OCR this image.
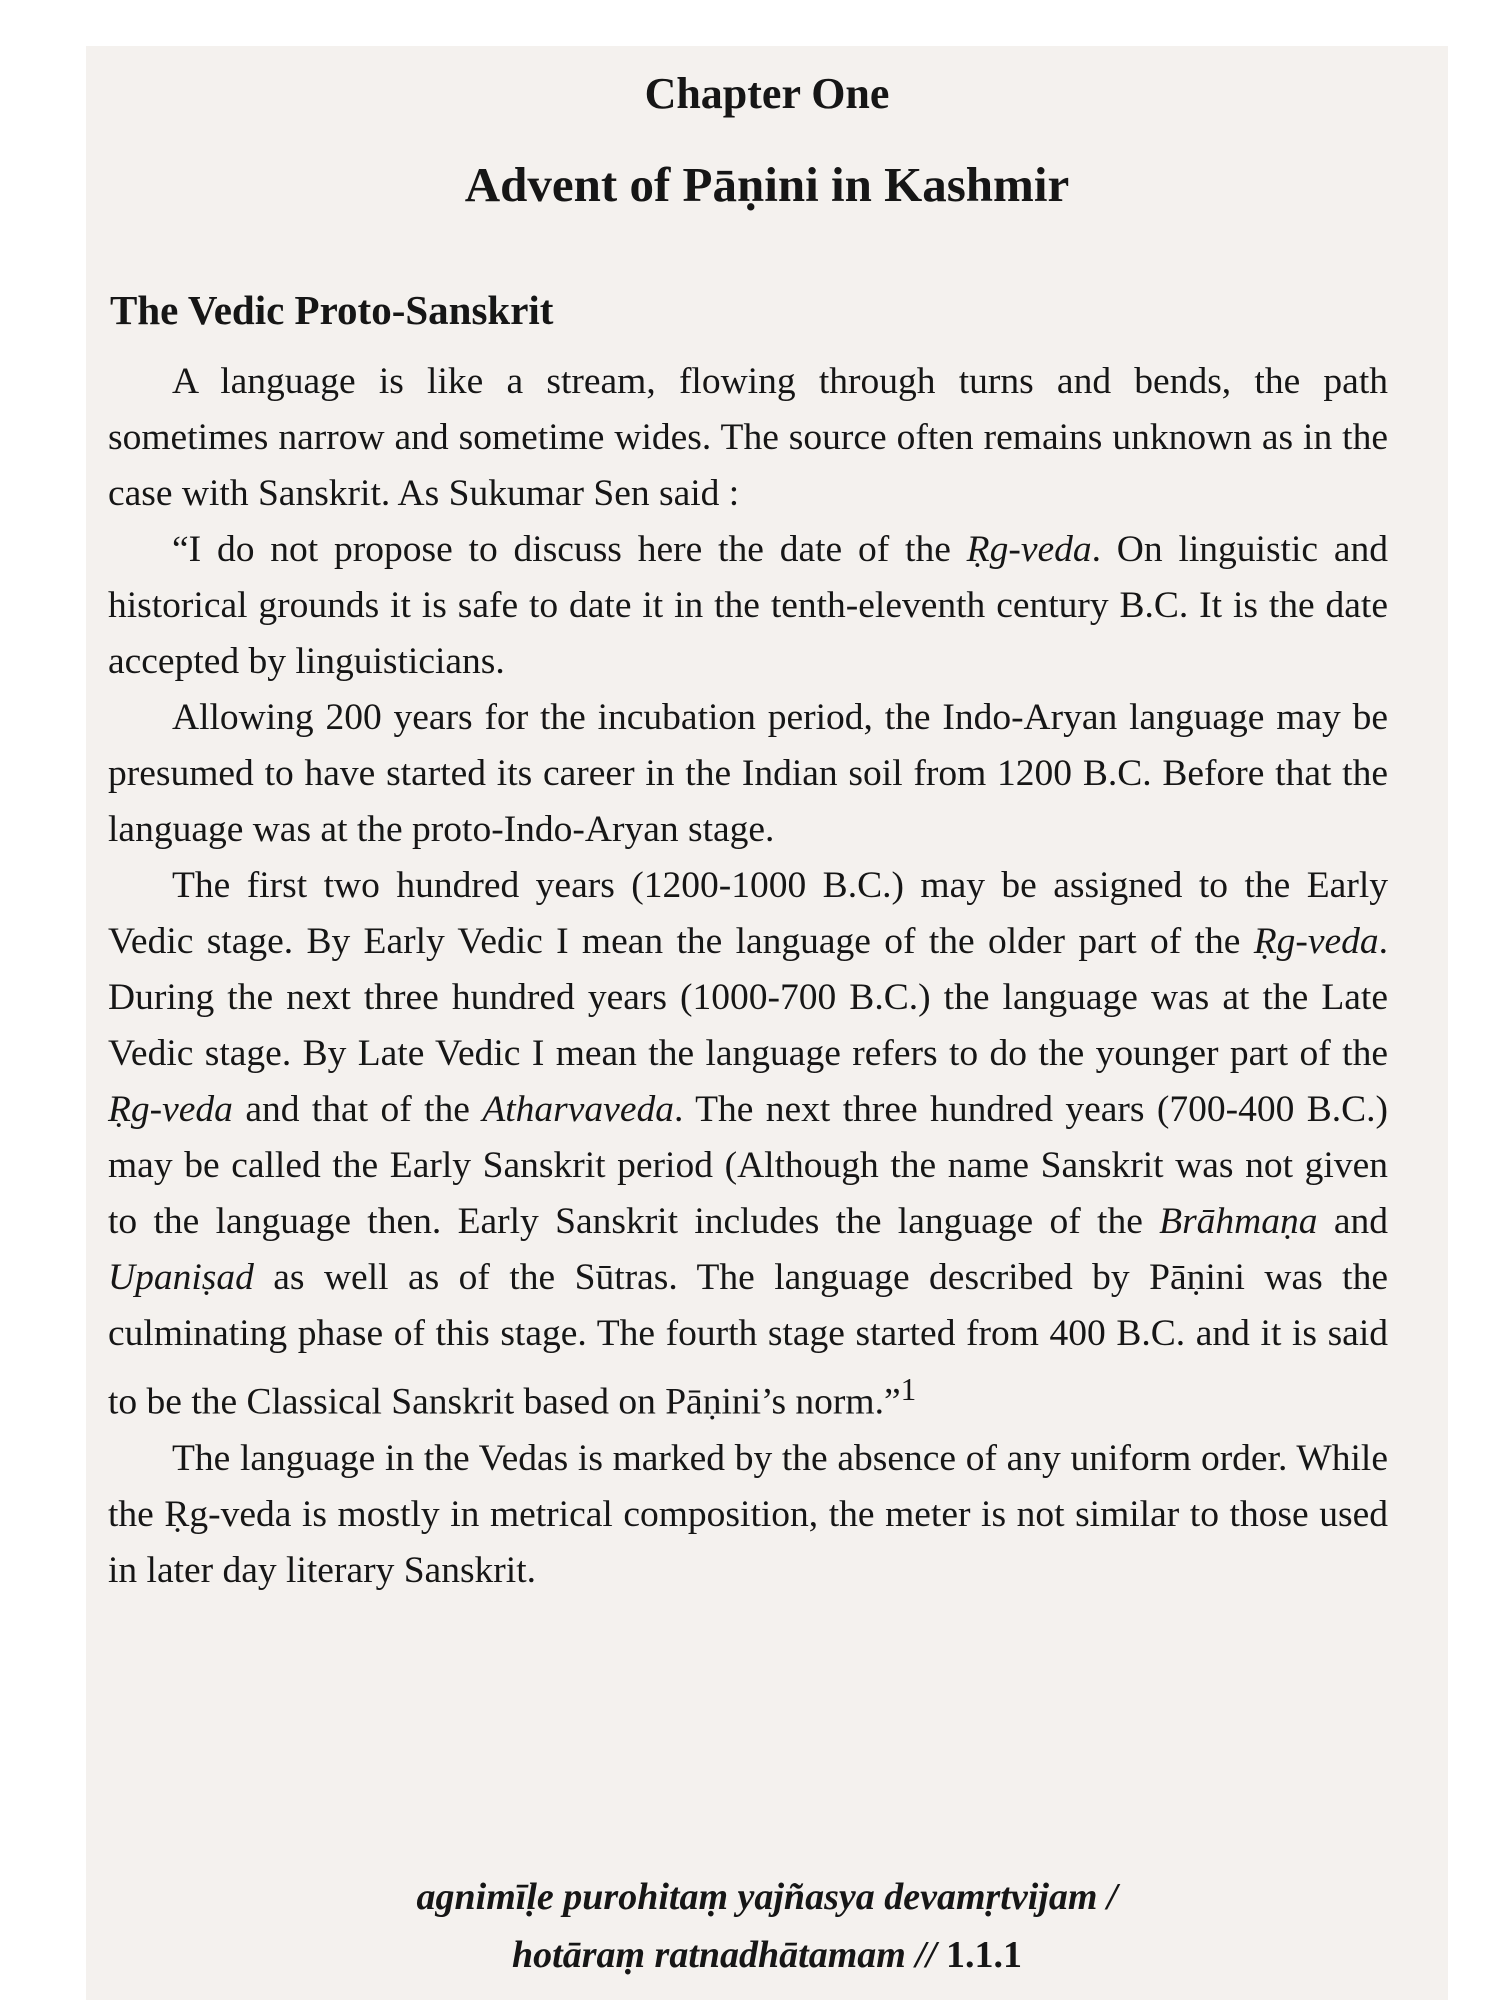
Chapter One
Advent of Pāṇini in Kashmir
The Vedic Proto-Sanskrit

A language is like a stream, flowing through turns and bends, the path sometimes narrow and sometime wides. The source often remains unknown as in the case with Sanskrit. As Sukumar Sen said :

“I do not propose to discuss here the date of the Ṛg-veda. On linguistic and historical grounds it is safe to date it in the tenth-eleventh century B.C. It is the date accepted by linguisticians.

Allowing 200 years for the incubation period, the Indo-Aryan language may be presumed to have started its career in the Indian soil from 1200 B.C. Before that the language was at the proto-Indo-Aryan stage.

The first two hundred years (1200-1000 B.C.) may be assigned to the Early Vedic stage. By Early Vedic I mean the language of the older part of the Ṛg-veda. During the next three hundred years (1000-700 B.C.) the language was at the Late Vedic stage. By Late Vedic I mean the language refers to do the younger part of the Ṛg-veda and that of the Atharvaveda. The next three hundred years (700-400 B.C.) may be called the Early Sanskrit period (Although the name Sanskrit was not given to the language then. Early Sanskrit includes the language of the Brāhmaṇa and Upaniṣad as well as of the Sūtras. The language described by Pāṇini was the culminating phase of this stage. The fourth stage started from 400 B.C. and it is said to be the Classical Sanskrit based on Pāṇini’s norm.”$^1$

The language in the Vedas is marked by the absence of any uniform order. While the Ṛg-veda is mostly in metrical composition, the meter is not similar to those used in later day literary Sanskrit.

agnimīḷe purohitaṃ yajñasya devamṛtvijam /
hotāraṃ ratnadhātamam // 1.1.1
